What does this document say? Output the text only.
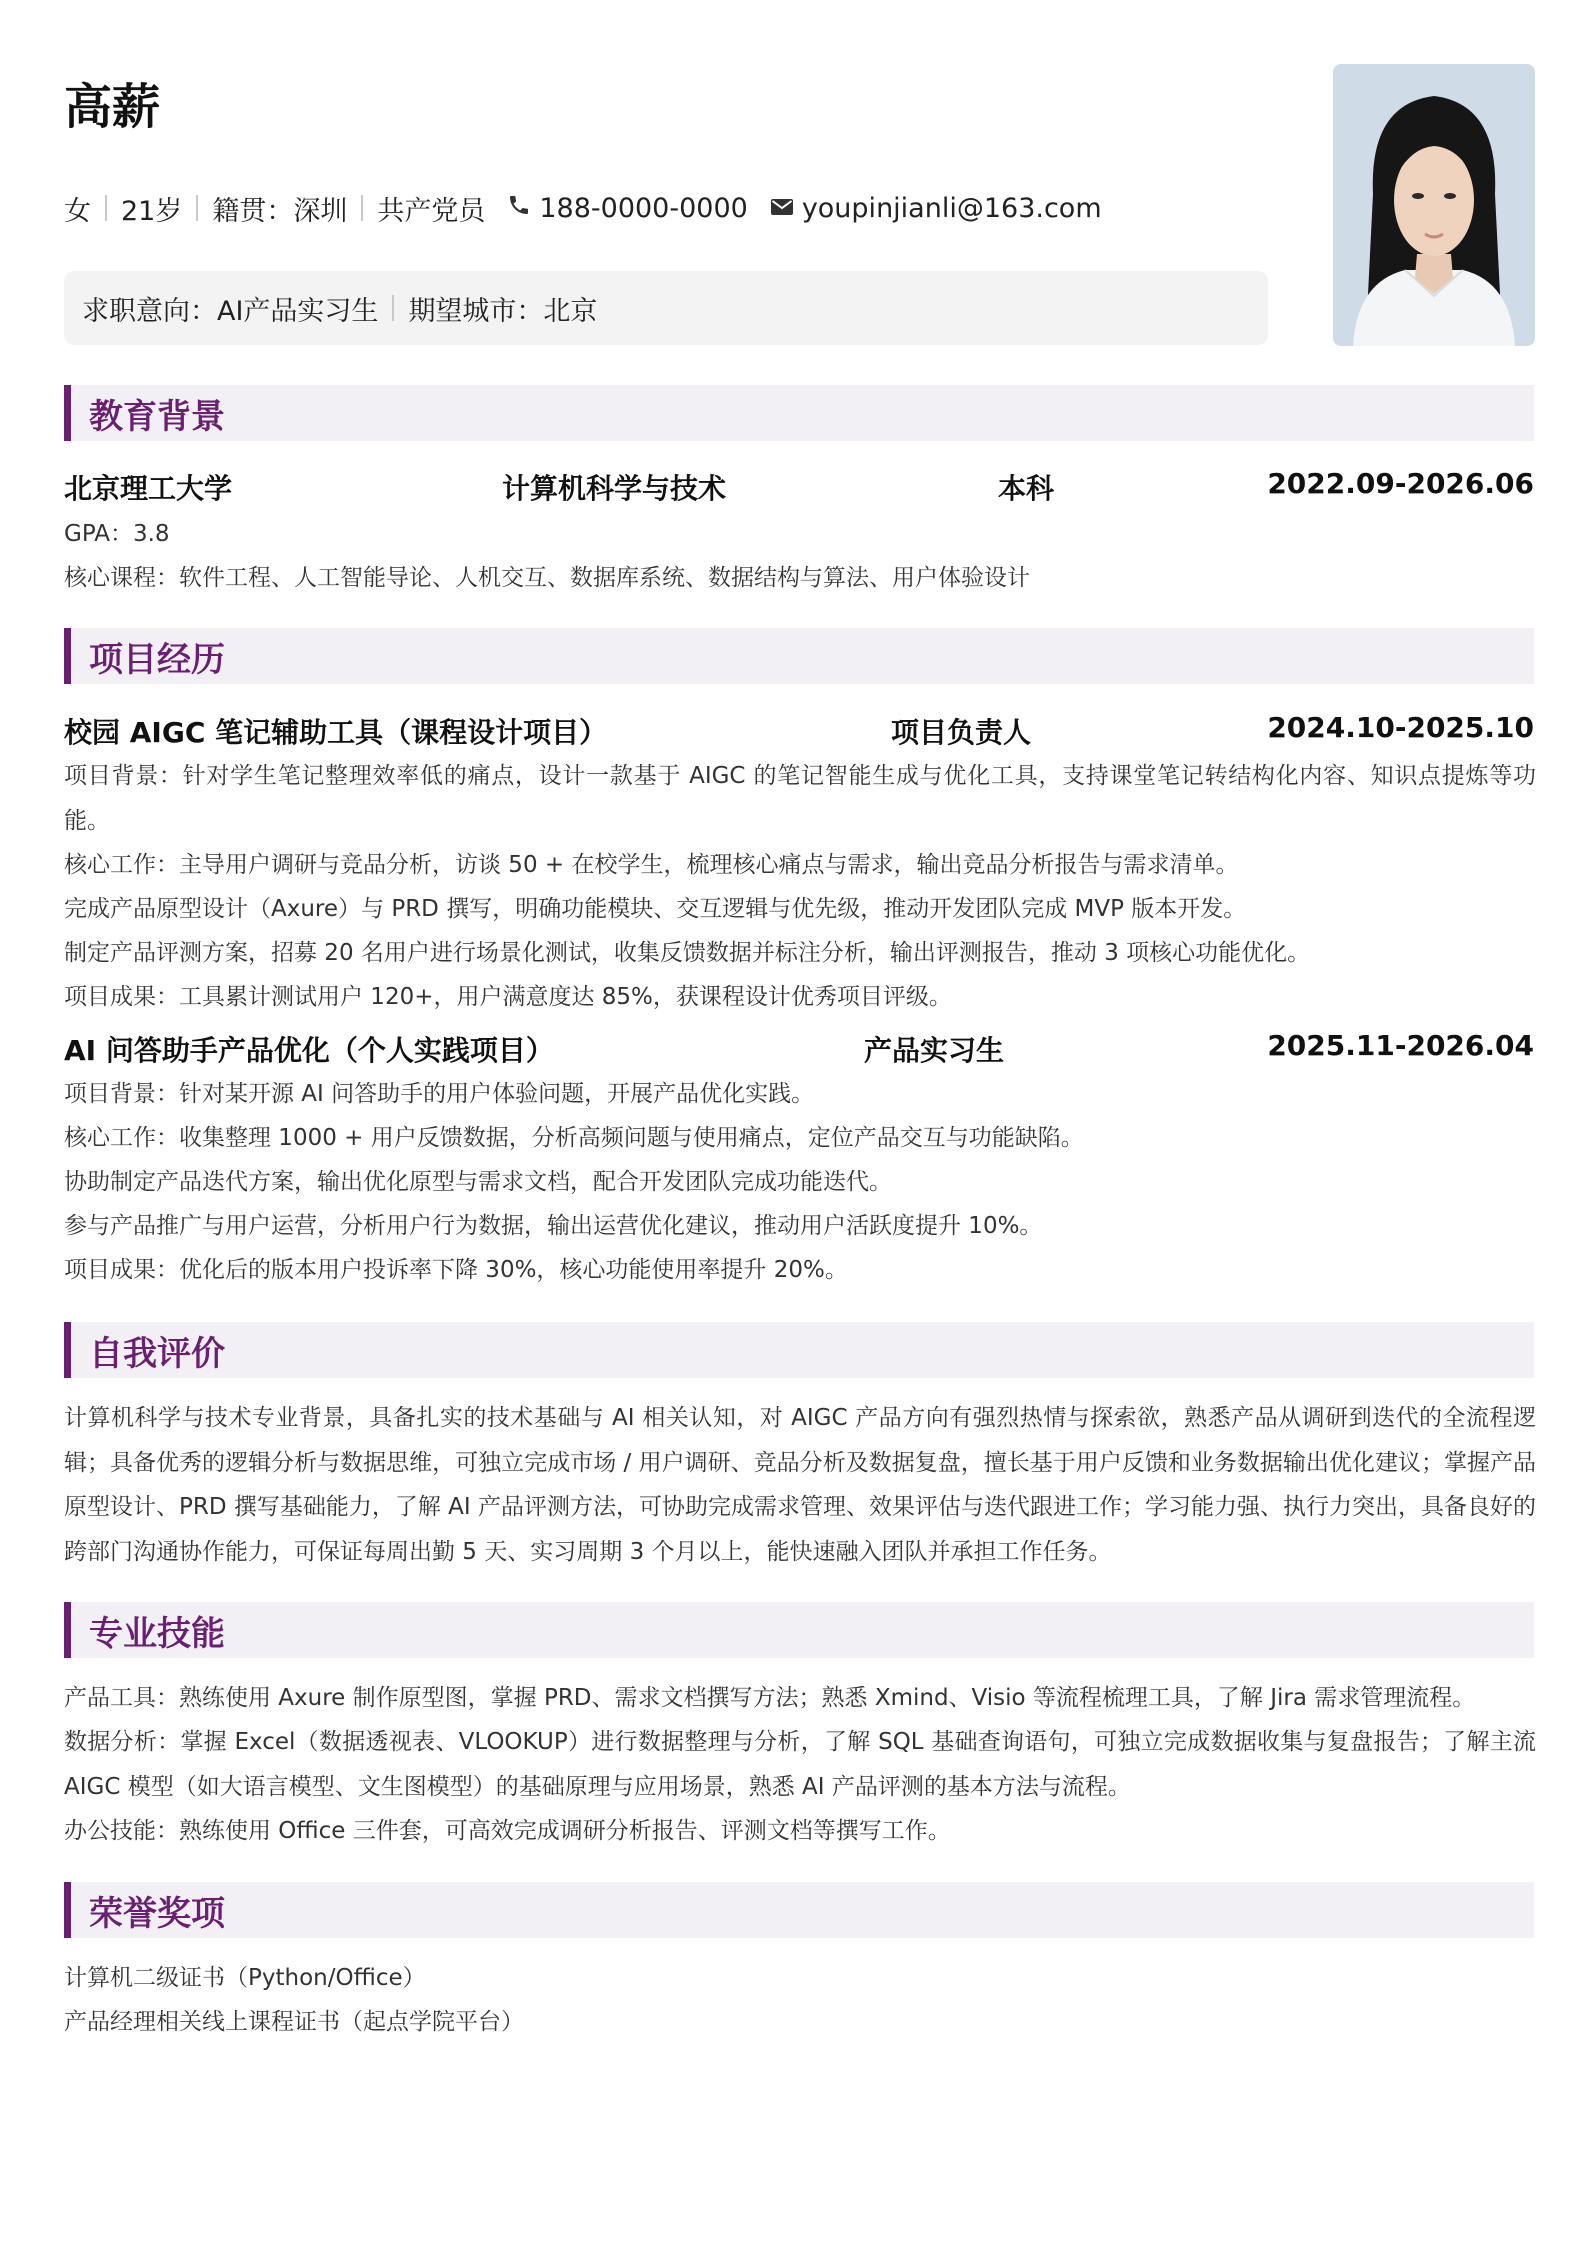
高薪
女 21岁 籍贯：深圳 共产党员 188-0000-0000 youpinjianli@163.com
求职意向：AI产品实习生 期望城市：北京
教育背景
北京理工大学	计算机科学与技术	本科	2022.09-2026.06
GPA：3.8
核心课程：软件工程、人工智能导论、人机交互、数据库系统、数据结构与算法、用户体验设计
项目经历
校园 AIGC 笔记辅助工具（课程设计项目）	项目负责人	2024.10-2025.10
项目背景：针对学生笔记整理效率低的痛点，设计一款基于 AIGC 的笔记智能生成与优化工具，支持课堂笔记转结构化内容、知识点提炼等功能。
核心工作：主导用户调研与竞品分析，访谈 50 + 在校学生，梳理核心痛点与需求，输出竞品分析报告与需求清单。
完成产品原型设计（Axure）与 PRD 撰写，明确功能模块、交互逻辑与优先级，推动开发团队完成 MVP 版本开发。
制定产品评测方案，招募 20 名用户进行场景化测试，收集反馈数据并标注分析，输出评测报告，推动 3 项核心功能优化。
项目成果：工具累计测试用户 120+，用户满意度达 85%，获课程设计优秀项目评级。
AI 问答助手产品优化（个人实践项目）	产品实习生	2025.11-2026.04
项目背景：针对某开源 AI 问答助手的用户体验问题，开展产品优化实践。
核心工作：收集整理 1000 + 用户反馈数据，分析高频问题与使用痛点，定位产品交互与功能缺陷。
协助制定产品迭代方案，输出优化原型与需求文档，配合开发团队完成功能迭代。
参与产品推广与用户运营，分析用户行为数据，输出运营优化建议，推动用户活跃度提升 10%。
项目成果：优化后的版本用户投诉率下降 30%，核心功能使用率提升 20%。
自我评价
计算机科学与技术专业背景，具备扎实的技术基础与 AI 相关认知，对 AIGC 产品方向有强烈热情与探索欲，熟悉产品从调研到迭代的全流程逻辑；具备优秀的逻辑分析与数据思维，可独立完成市场 / 用户调研、竞品分析及数据复盘，擅长基于用户反馈和业务数据输出优化建议；掌握产品原型设计、PRD 撰写基础能力，了解 AI 产品评测方法，可协助完成需求管理、效果评估与迭代跟进工作；学习能力强、执行力突出，具备良好的跨部门沟通协作能力，可保证每周出勤 5 天、实习周期 3 个月以上，能快速融入团队并承担工作任务。
专业技能
产品工具：熟练使用 Axure 制作原型图，掌握 PRD、需求文档撰写方法；熟悉 Xmind、Visio 等流程梳理工具，了解 Jira 需求管理流程。
数据分析：掌握 Excel（数据透视表、VLOOKUP）进行数据整理与分析，了解 SQL 基础查询语句，可独立完成数据收集与复盘报告；了解主流 AIGC 模型（如大语言模型、文生图模型）的基础原理与应用场景，熟悉 AI 产品评测的基本方法与流程。
办公技能：熟练使用 Office 三件套，可高效完成调研分析报告、评测文档等撰写工作。
荣誉奖项
计算机二级证书（Python/Office）
产品经理相关线上课程证书（起点学院平台）
